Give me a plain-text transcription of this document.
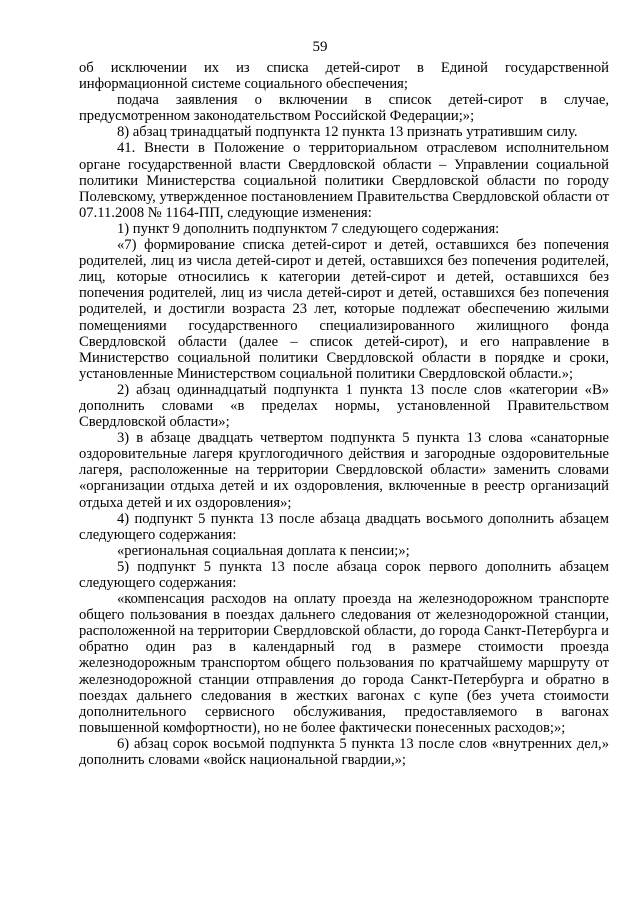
59

об исключении их из списка детей-сирот в Единой государственной информационной системе социального обеспечения;

подача заявления о включении в список детей-сирот в случае, предусмотренном законодательством Российской Федерации;»;

8) абзац тринадцатый подпункта 12 пункта 13 признать утратившим силу.

41. Внести в Положение о территориальном отраслевом исполнительном органе государственной власти Свердловской области – Управлении социальной политики Министерства социальной политики Свердловской области по городу Полевскому, утвержденное постановлением Правительства Свердловской области от 07.11.2008 № 1164-ПП, следующие изменения:

1) пункт 9 дополнить подпунктом 7 следующего содержания:

«7) формирование списка детей-сирот и детей, оставшихся без попечения родителей, лиц из числа детей-сирот и детей, оставшихся без попечения родителей, лиц, которые относились к категории детей-сирот и детей, оставшихся без попечения родителей, лиц из числа детей-сирот и детей, оставшихся без попечения родителей, и достигли возраста 23 лет, которые подлежат обеспечению жилыми помещениями государственного специализированного жилищного фонда Свердловской области (далее – список детей-сирот), и его направление в Министерство социальной политики Свердловской области в порядке и сроки, установленные Министерством социальной политики Свердловской области.»;

2) абзац одиннадцатый подпункта 1 пункта 13 после слов «категории «В» дополнить словами «в пределах нормы, установленной Правительством Свердловской области»;

3) в абзаце двадцать четвертом подпункта 5 пункта 13 слова «санаторные оздоровительные лагеря круглогодичного действия и загородные оздоровительные лагеря, расположенные на территории Свердловской области» заменить словами «организации отдыха детей и их оздоровления, включенные в реестр организаций отдыха детей и их оздоровления»;

4) подпункт 5 пункта 13 после абзаца двадцать восьмого дополнить абзацем следующего содержания:

«региональная социальная доплата к пенсии;»;

5) подпункт 5 пункта 13 после абзаца сорок первого дополнить абзацем следующего содержания:

«компенсация расходов на оплату проезда на железнодорожном транспорте общего пользования в поездах дальнего следования от железнодорожной станции, расположенной на территории Свердловской области, до города Санкт-Петербурга и обратно один раз в календарный год в размере стоимости проезда железнодорожным транспортом общего пользования по кратчайшему маршруту от железнодорожной станции отправления до города Санкт-Петербурга и обратно в поездах дальнего следования в жестких вагонах с купе (без учета стоимости дополнительного сервисного обслуживания, предоставляемого в вагонах повышенной комфортности), но не более фактически понесенных расходов;»;

6) абзац сорок восьмой подпункта 5 пункта 13 после слов «внутренних дел,» дополнить словами «войск национальной гвардии,»;
